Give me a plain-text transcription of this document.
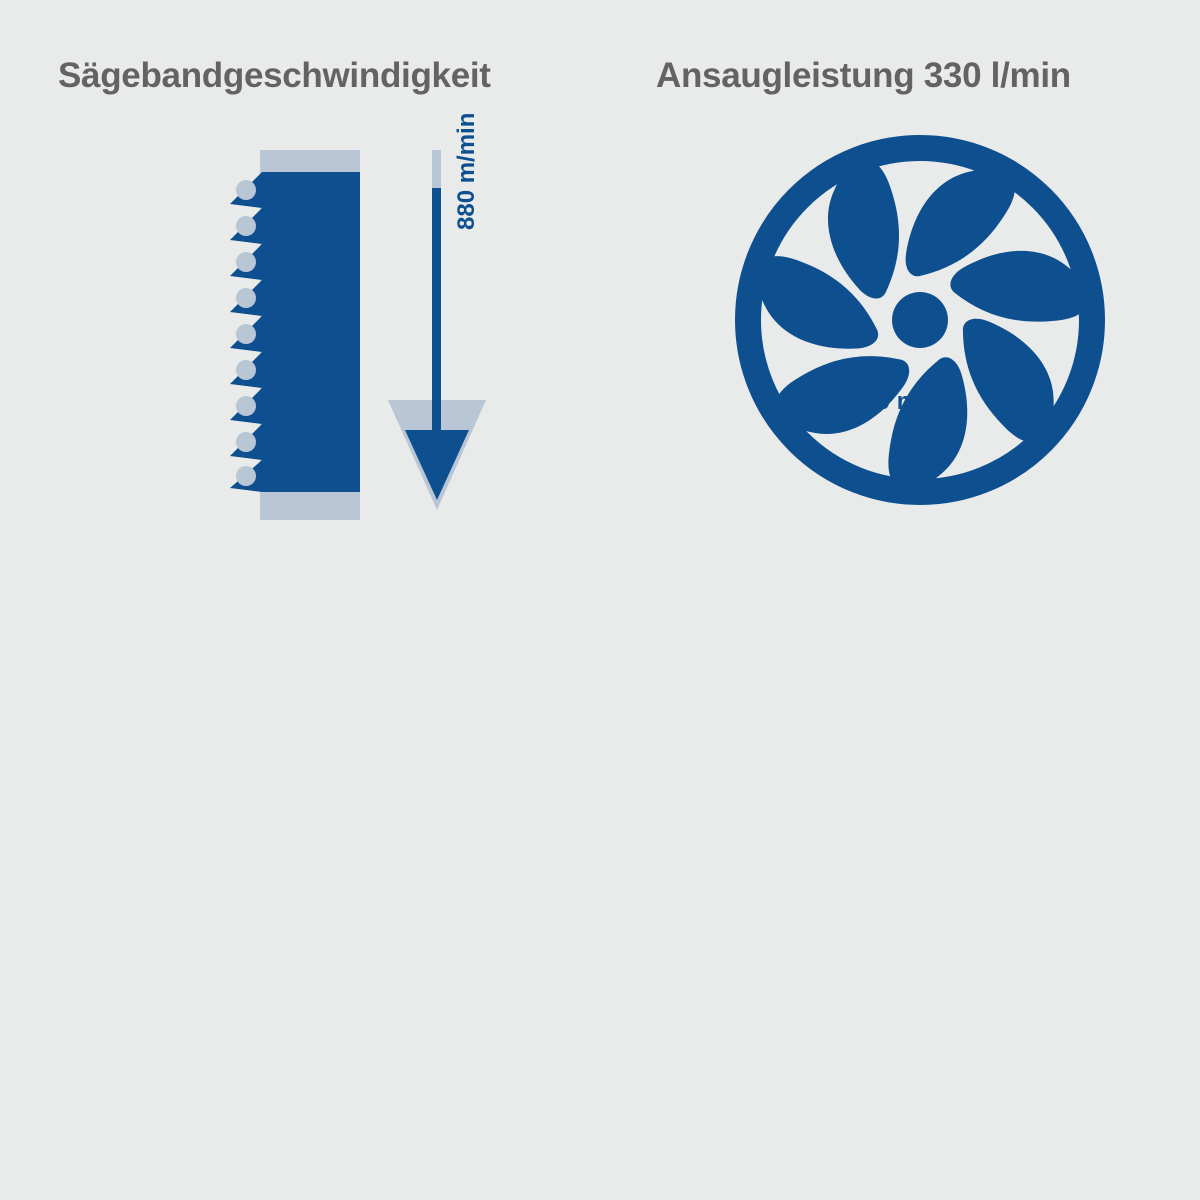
Sägebandgeschwindigkeit
880 m/min
Ansaugleistung 330 l/min
200 mm
